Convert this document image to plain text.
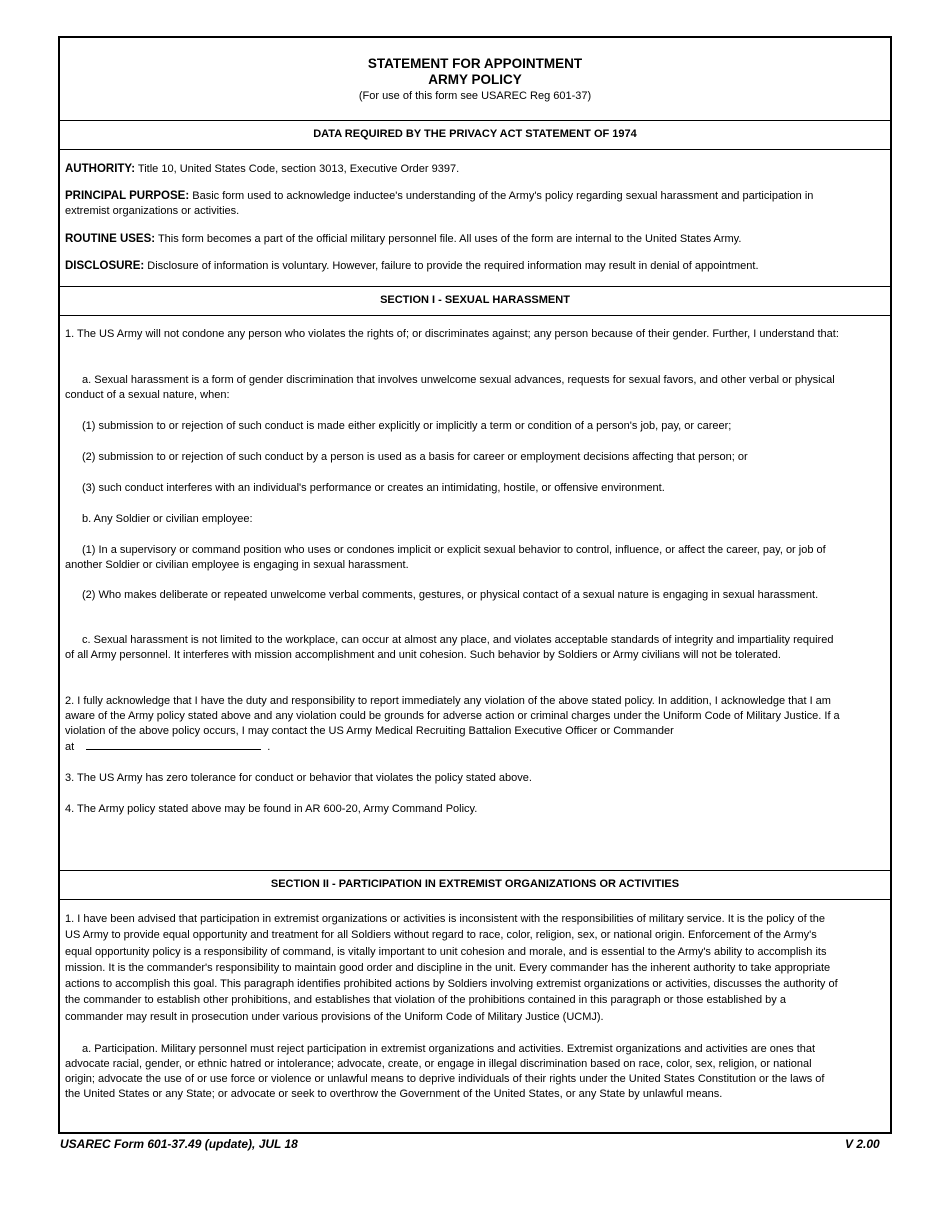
STATEMENT FOR APPOINTMENT
ARMY POLICY
(For use of this form see USAREC Reg 601-37)
DATA REQUIRED BY THE PRIVACY ACT STATEMENT OF 1974

AUTHORITY: Title 10, United States Code, section 3013, Executive Order 9397.

PRINCIPAL PURPOSE: Basic form used to acknowledge inductee's understanding of the Army's policy regarding sexual harassment and participation in extremist organizations or activities.

ROUTINE USES: This form becomes a part of the official military personnel file. All uses of the form are internal to the United States Army.

DISCLOSURE: Disclosure of information is voluntary. However, failure to provide the required information may result in denial of appointment.

SECTION I - SEXUAL HARASSMENT

1. The US Army will not condone any person who violates the rights of; or discriminates against; any person because of their gender. Further, I understand that:

a. Sexual harassment is a form of gender discrimination that involves unwelcome sexual advances, requests for sexual favors, and other verbal or physical conduct of a sexual nature, when:

(1) submission to or rejection of such conduct is made either explicitly or implicitly a term or condition of a person's job, pay, or career;

(2) submission to or rejection of such conduct by a person is used as a basis for career or employment decisions affecting that person; or

(3) such conduct interferes with an individual's performance or creates an intimidating, hostile, or offensive environment.

b. Any Soldier or civilian employee:

(1) In a supervisory or command position who uses or condones implicit or explicit sexual behavior to control, influence, or affect the career, pay, or job of another Soldier or civilian employee is engaging in sexual harassment.

(2) Who makes deliberate or repeated unwelcome verbal comments, gestures, or physical contact of a sexual nature is engaging in sexual harassment.

c. Sexual harassment is not limited to the workplace, can occur at almost any place, and violates acceptable standards of integrity and impartiality required of all Army personnel. It interferes with mission accomplishment and unit cohesion. Such behavior by Soldiers or Army civilians will not be tolerated.

2. I fully acknowledge that I have the duty and responsibility to report immediately any violation of the above stated policy. In addition, I acknowledge that I am aware of the Army policy stated above and any violation could be grounds for adverse action or criminal charges under the Uniform Code of Military Justice. If a violation of the above policy occurs, I may contact the US Army Medical Recruiting Battalion Executive Officer or Commander

at	.

3. The US Army has zero tolerance for conduct or behavior that violates the policy stated above.

4. The Army policy stated above may be found in AR 600-20, Army Command Policy.

SECTION II - PARTICIPATION IN EXTREMIST ORGANIZATIONS OR ACTIVITIES

1. I have been advised that participation in extremist organizations or activities is inconsistent with the responsibilities of military service. It is the policy of the US Army to provide equal opportunity and treatment for all Soldiers without regard to race, color, religion, sex, or national origin. Enforcement of the Army's equal opportunity policy is a responsibility of command, is vitally important to unit cohesion and morale, and is essential to the Army's ability to accomplish its mission. It is the commander's responsibility to maintain good order and discipline in the unit. Every commander has the inherent authority to take appropriate actions to accomplish this goal. This paragraph identifies prohibited actions by Soldiers involving extremist organizations or activities, discusses the authority of the commander to establish other prohibitions, and establishes that violation of the prohibitions contained in this paragraph or those established by a commander may result in prosecution under various provisions of the Uniform Code of Military Justice (UCMJ).

a. Participation. Military personnel must reject participation in extremist organizations and activities. Extremist organizations and activities are ones that advocate racial, gender, or ethnic hatred or intolerance; advocate, create, or engage in illegal discrimination based on race, color, sex, religion, or national origin; advocate the use of or use force or violence or unlawful means to deprive individuals of their rights under the United States Constitution or the laws of the United States or any State; or advocate or seek to overthrow the Government of the United States, or any State by unlawful means.

USAREC Form 601-37.49 (update), JUL 18	V 2.00
